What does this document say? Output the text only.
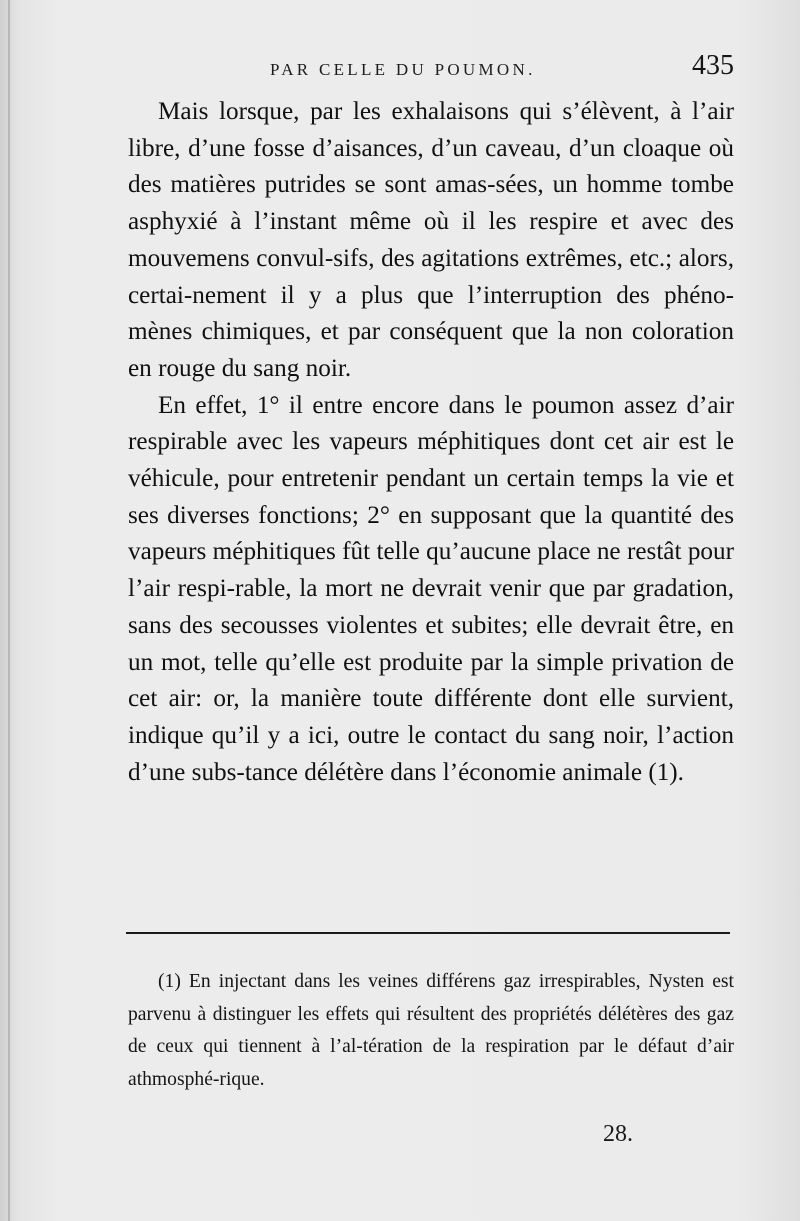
PAR CELLE DU POUMON.	435

Mais lorsque, par les exhalaisons qui s’élèvent, à l’air libre, d’une fosse d’aisances, d’un caveau, d’un cloaque où des matières putrides se sont amas-sées, un homme tombe asphyxié à l’instant même où il les respire et avec des mouvemens convul-sifs, des agitations extrêmes, etc.; alors, certai-nement il y a plus que l’interruption des phéno-mènes chimiques, et par conséquent que la non coloration en rouge du sang noir.

En effet, 1° il entre encore dans le poumon assez d’air respirable avec les vapeurs méphitiques dont cet air est le véhicule, pour entretenir pendant un certain temps la vie et ses diverses fonctions; 2° en supposant que la quantité des vapeurs méphitiques fût telle qu’aucune place ne restât pour l’air respi-rable, la mort ne devrait venir que par gradation, sans des secousses violentes et subites; elle devrait être, en un mot, telle qu’elle est produite par la simple privation de cet air: or, la manière toute différente dont elle survient, indique qu’il y a ici, outre le contact du sang noir, l’action d’une subs-tance délétère dans l’économie animale (1).

(1) En injectant dans les veines différens gaz irrespirables, Nysten est parvenu à distinguer les effets qui résultent des propriétés délétères des gaz de ceux qui tiennent à l’al-tération de la respiration par le défaut d’air athmosphé-rique.

28.
